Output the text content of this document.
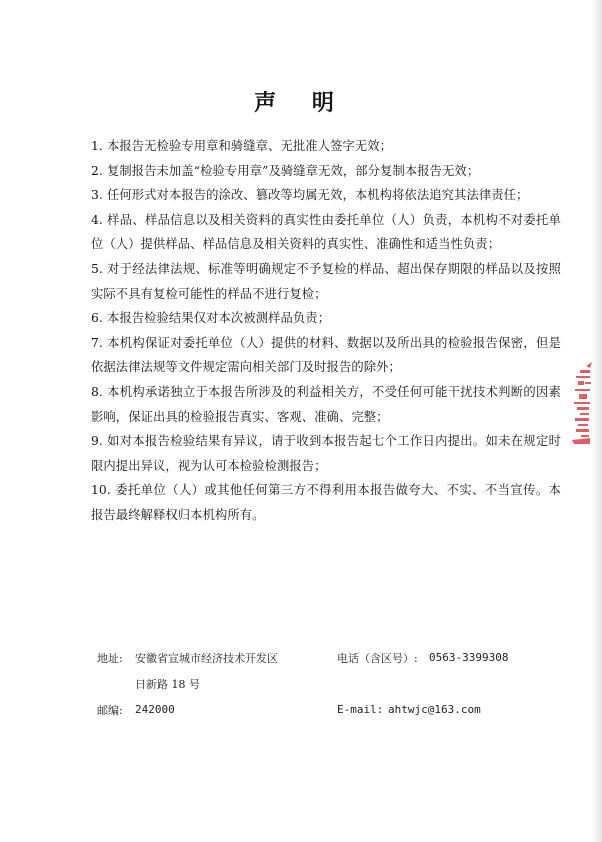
声 明

1. 本报告无检验专用章和骑缝章、无批准人签字无效；

2. 复制报告未加盖“检验专用章”及骑缝章无效，部分复制本报告无效；

3. 任何形式对本报告的涂改、篡改等均属无效，本机构将依法追究其法律责任；

4. 样品、样品信息以及相关资料的真实性由委托单位（人）负责，本机构不对委托单位（人）提供样品、样品信息及相关资料的真实性、准确性和适当性负责；

5. 对于经法律法规、标准等明确规定不予复检的样品、超出保存期限的样品以及按照实际不具有复检可能性的样品不进行复检；

6. 本报告检验结果仅对本次被测样品负责；

7. 本机构保证对委托单位（人）提供的材料、数据以及所出具的检验报告保密，但是依据法律法规等文件规定需向相关部门及时报告的除外；

8. 本机构承诺独立于本报告所涉及的利益相关方，不受任何可能干扰技术判断的因素影响，保证出具的检验报告真实、客观、准确、完整；

9. 如对本报告检验结果有异议，请于收到本报告起七个工作日内提出。如未在规定时限内提出异议，视为认可本检验检测报告；

10. 委托单位（人）或其他任何第三方不得利用本报告做夸大、不实、不当宣传。本报告最终解释权归本机构所有。

地址: 安徽省宣城市经济技术开发区
日新路 18 号
电话（含区号）: 0563-3399308
邮编: 242000	E-mail: ahtwjc@163.com
